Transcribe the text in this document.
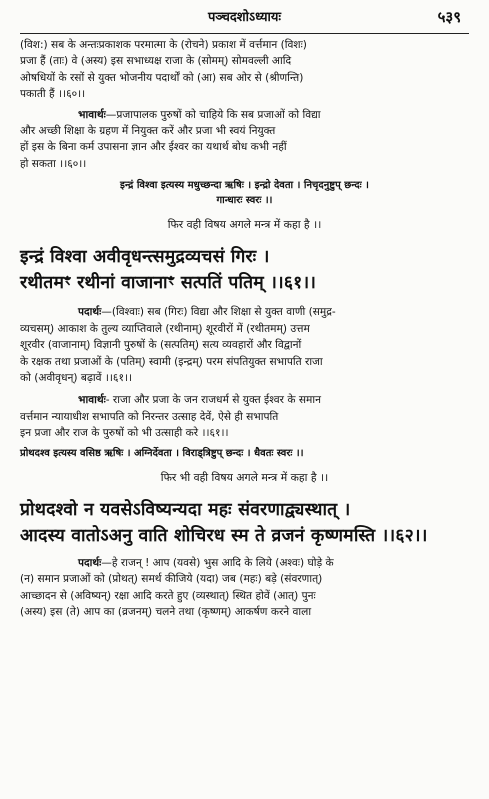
पञ्चदशोऽध्यायः	५३९

(विश:) सब के अन्तःप्रकाशक परमात्मा के (रोचने) प्रकाश में वर्त्तमान (विशः)

प्रजा हैं (ताः) वे (अस्य) इस सभाध्यक्ष राजा के (सोमम्) सोमवल्ली आदि

ओषधियों के रसों से युक्त भोजनीय पदार्थों को (आ) सब ओर से (श्रीणन्ति)

पकाती हैं ।।६०।।

भावार्थः—प्रजापालक पुरुषों को चाहिये कि सब प्रजाओं को विद्या

और अच्छी शिक्षा के ग्रहण में नियुक्त करें और प्रजा भी स्वयं नियुक्त

हों इस के बिना कर्म उपासना ज्ञान और ईश्वर का यथार्थ बोध कभी नहीं

हो सकता ।।६०।।

इन्द्रं विश्वा इत्यस्य मधुच्छन्दा ऋषिः । इन्द्रो देवता । निचृदनुष्टुप् छन्दः ।

गान्धारः स्वरः ।।

फिर वही विषय अगले मन्त्र में कहा है ।।

इन्द्रं विश्वा अवीवृधन्त्समुद्रव्यचसं गिरः ।

रथीतमꣳ रथीनां वाजानाꣳ सत्पतिं पतिम् ।।६१।।

पदार्थः—(विश्वाः) सब (गिरः) विद्या और शिक्षा से युक्त वाणी (समुद्र-

व्यचसम्) आकाश के तुल्य व्याप्तिवाले (रथीनाम्) शूरवीरों में (रथीतमम्) उत्तम

शूरवीर (वाजानाम्) विज्ञानी पुरुषों के (सत्पतिम्) सत्य व्यवहारों और विद्वानों

के रक्षक तथा प्रजाओं के (पतिम्) स्वामी (इन्द्रम्) परम संपतियुक्त सभापति राजा

को (अवीवृधन्) बढ़ावें ।।६१।।

भावार्थः- राजा और प्रजा के जन राजधर्म से युक्त ईश्वर के समान

वर्त्तमान न्यायाधीश सभापति को निरन्तर उत्साह देवें, ऐसे ही सभापति

इन प्रजा और राज के पुरुषों को भी उत्साही करे ।।६१।।

प्रोथदश्व इत्यस्य वसिष्ठ ऋषिः । अग्निर्देवता । विराड्त्रिष्टुप् छन्दः । धैवतः स्वरः ।।

फिर भी वही विषय अगले मन्त्र में कहा है ।।

प्रोथदश्वो न यवसेऽविष्यन्यदा महः संवरणाद्व्यस्थात् ।

आदस्य वातोऽअनु वाति शोचिरध स्म ते व्रजनं कृष्णमस्ति ।।६२।।

पदार्थः—हे राजन् ! आप (यवसे) भुस आदि के लिये (अश्वः) घोड़े के

(न) समान प्रजाओं को (प्रोथत्) समर्थ कीजिये (यदा) जब (महः) बड़े (संवरणात्)

आच्छादन से (अविष्यन्) रक्षा आदि करते हुए (व्यस्थात्) स्थित होवें (आत्) पुनः

(अस्य) इस (ते) आप का (व्रजनम्) चलने तथा (कृष्णम्) आकर्षण करने वाला
